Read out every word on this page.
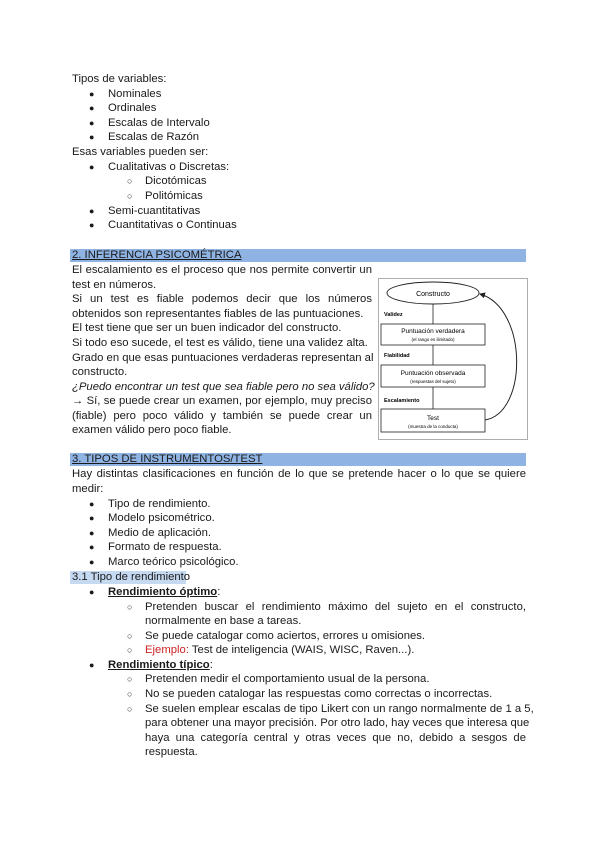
Tipos de variables:
● Nominales
● Ordinales
● Escalas de Intervalo
● Escalas de Razón
Esas variables pueden ser:
● Cualitativas o Discretas:
○ Dicotómicas
○ Politómicas
● Semi-cuantitativas
● Cuantitativas o Continuas
2. INFERENCIA PSICOMÉTRICA
El escalamiento es el proceso que nos permite convertir un
test en números.
Si un test es fiable podemos decir que los números
obtenidos son representantes fiables de las puntuaciones.
El test tiene que ser un buen indicador del constructo.
Si todo eso sucede, el test es válido, tiene una validez alta.
Grado en que esas puntuaciones verdaderas representan al
constructo.
¿Puedo encontrar un test que sea fiable pero no sea válido?
→ Sí, se puede crear un examen, por ejemplo, muy preciso
(fiable) pero poco válido y también se puede crear un
examen válido pero poco fiable.
Constructo
Validez
Puntuación verdadera
(el rango es ilimitado)
Fiabilidad
Puntuación observada
(respuestas del sujeto)
Escalamiento
Test
(muestra de la conducta)
3. TIPOS DE INSTRUMENTOS/TEST
Hay distintas clasificaciones en función de lo que se pretende hacer o lo que se quiere
medir:
● Tipo de rendimiento.
● Modelo psicométrico.
● Medio de aplicación.
● Formato de respuesta.
● Marco teórico psicológico.
3.1 Tipo de rendimiento
● Rendimiento óptimo:
○ Pretenden buscar el rendimiento máximo del sujeto en el constructo,
normalmente en base a tareas.
○ Se puede catalogar como aciertos, errores u omisiones.
○ Ejemplo: Test de inteligencia (WAIS, WISC, Raven...).
● Rendimiento típico:
○ Pretenden medir el comportamiento usual de la persona.
○ No se pueden catalogar las respuestas como correctas o incorrectas.
○ Se suelen emplear escalas de tipo Likert con un rango normalmente de 1 a 5,
para obtener una mayor precisión. Por otro lado, hay veces que interesa que
haya una categoría central y otras veces que no, debido a sesgos de
respuesta.
